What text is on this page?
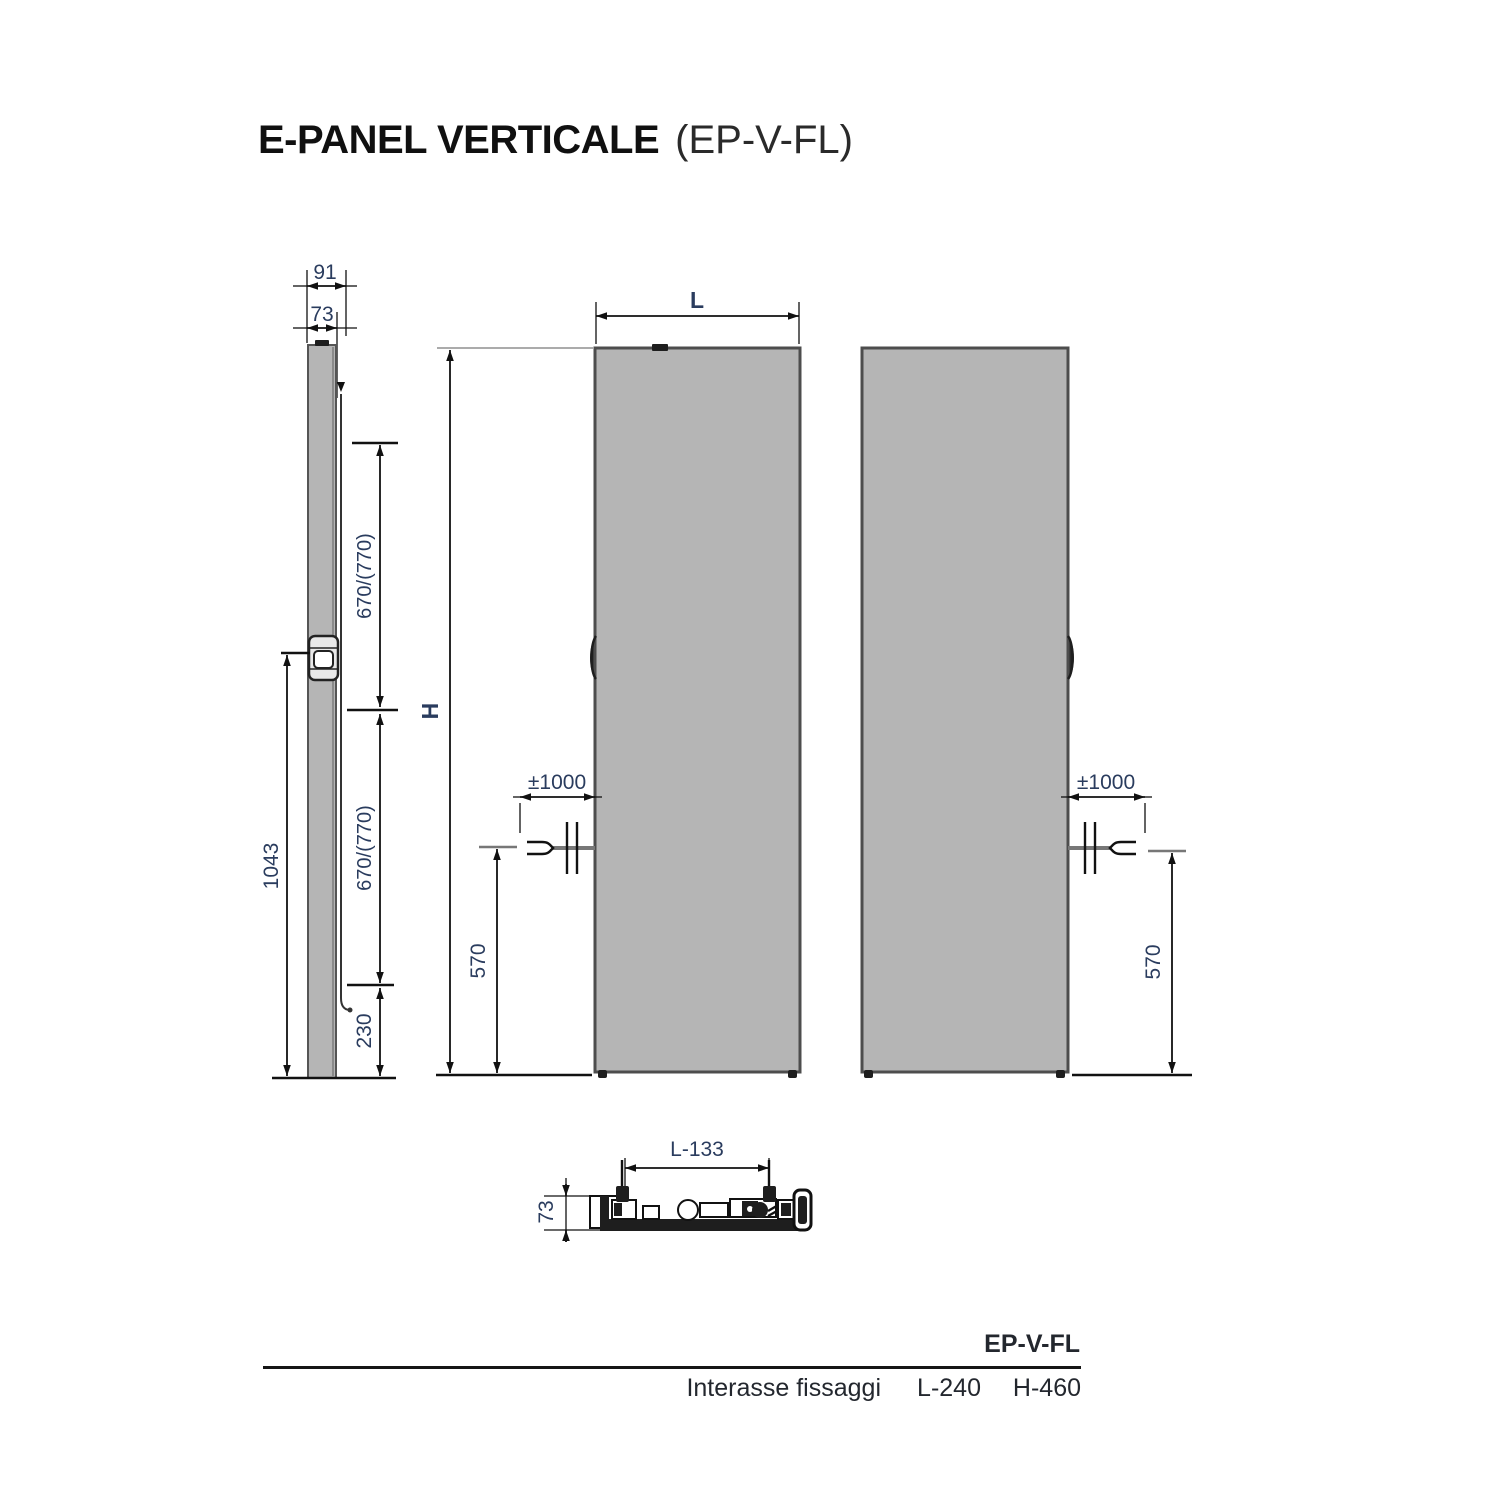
E-PANEL VERTICALE (EP-V-FL)
91
73
1043
670/(770)
670/(770)
230
L
H
±1000
570
±1000
570
73
L-133
EP-V-FL
Interasse fissaggi	L-240	H-460
